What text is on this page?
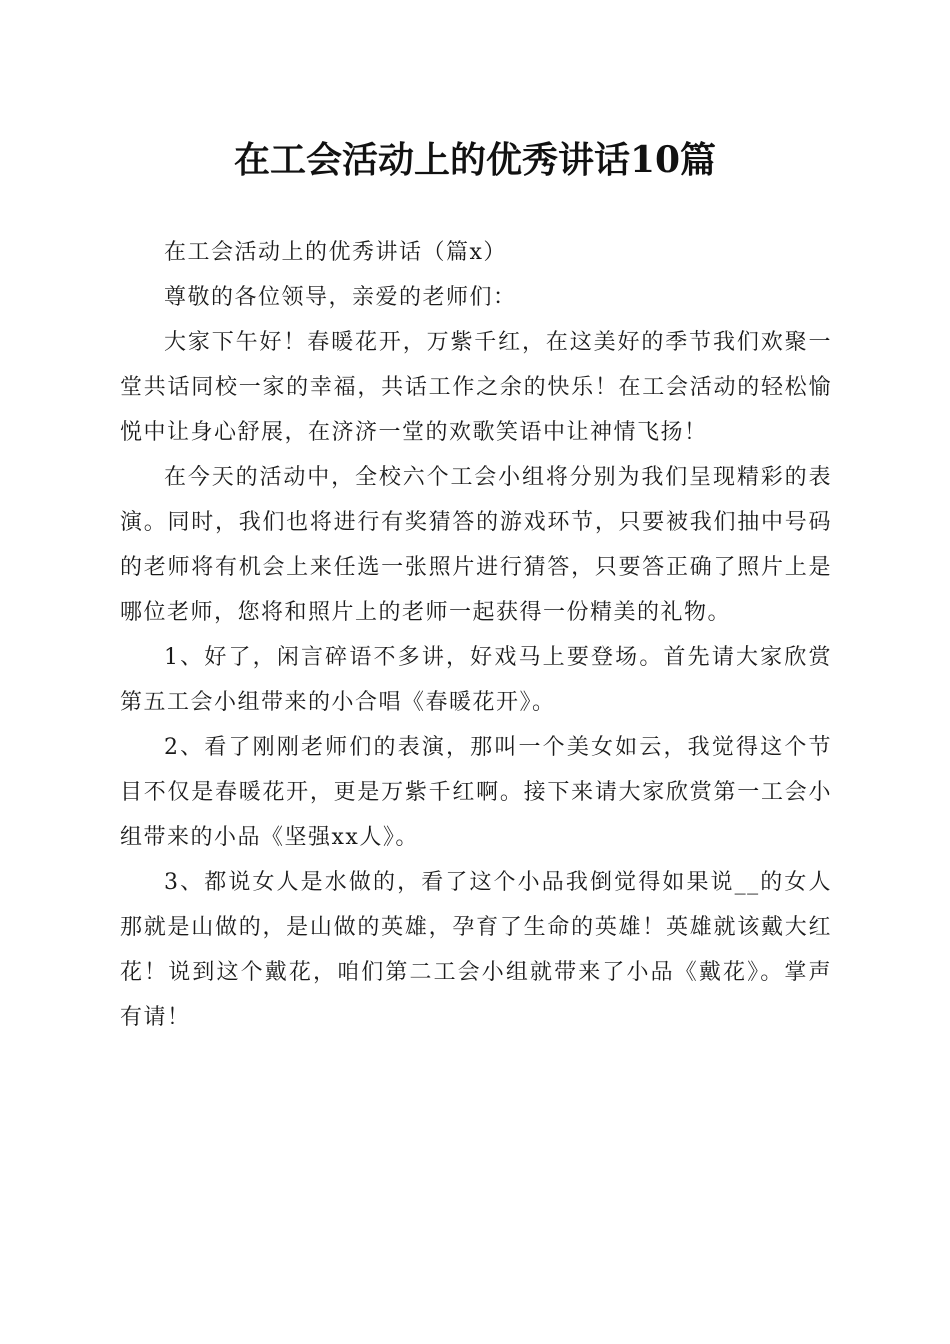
在工会活动上的优秀讲话10篇

在工会活动上的优秀讲话（篇x）

尊敬的各位领导，亲爱的老师们：

大家下午好！春暖花开，万紫千红，在这美好的季节我们欢聚一堂共话同校一家的幸福，共话工作之余的快乐！在工会活动的轻松愉悦中让身心舒展，在济济一堂的欢歌笑语中让神情飞扬！

在今天的活动中，全校六个工会小组将分别为我们呈现精彩的表演。同时，我们也将进行有奖猜答的游戏环节，只要被我们抽中号码的老师将有机会上来任选一张照片进行猜答，只要答正确了照片上是哪位老师，您将和照片上的老师一起获得一份精美的礼物。

1、好了，闲言碎语不多讲，好戏马上要登场。首先请大家欣赏第五工会小组带来的小合唱《春暖花开》。

2、看了刚刚老师们的表演，那叫一个美女如云，我觉得这个节目不仅是春暖花开，更是万紫千红啊。接下来请大家欣赏第一工会小组带来的小品《坚强xx人》。

3、都说女人是水做的，看了这个小品我倒觉得如果说__的女人那就是山做的，是山做的英雄，孕育了生命的英雄！英雄就该戴大红花！说到这个戴花，咱们第二工会小组就带来了小品《戴花》。掌声有请！
